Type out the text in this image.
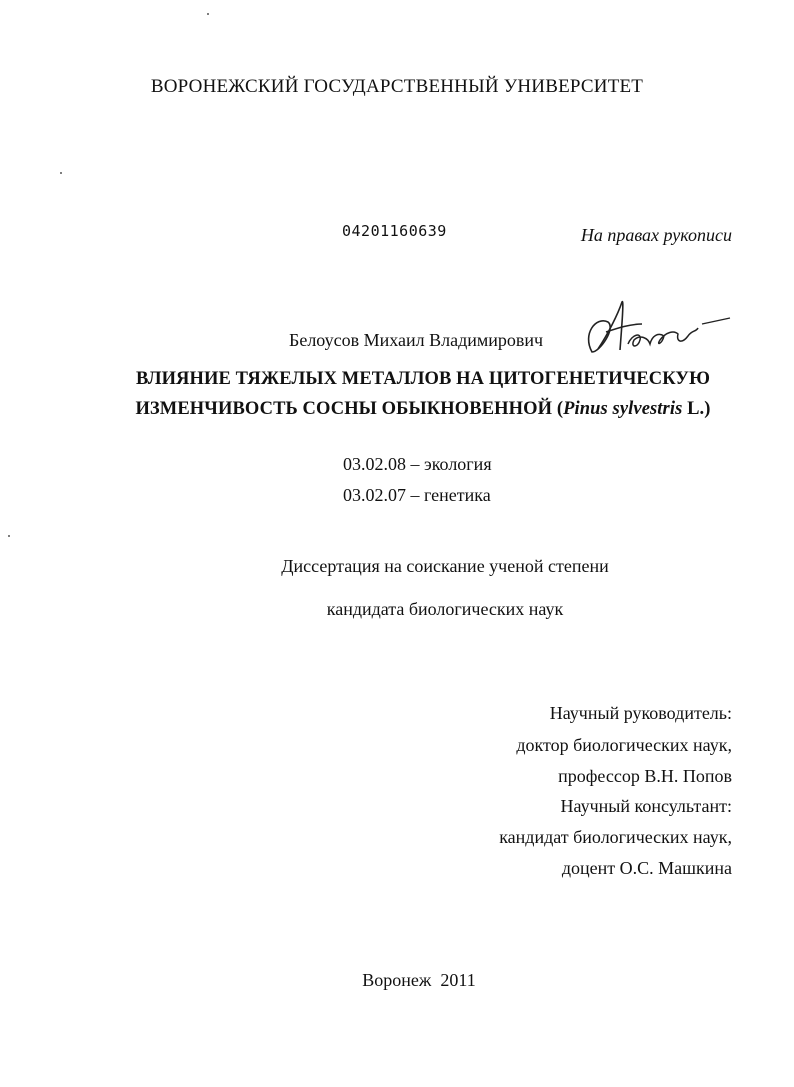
ВОРОНЕЖСКИЙ ГОСУДАРСТВЕННЫЙ УНИВЕРСИТЕТ
04201160639	На правах рукописи
Белоусов Михаил Владимирович
ВЛИЯНИЕ ТЯЖЕЛЫХ МЕТАЛЛОВ НА ЦИТОГЕНЕТИЧЕСКУЮ
ИЗМЕНЧИВОСТЬ СОСНЫ ОБЫКНОВЕННОЙ (Pinus sylvestris L.)
03.02.08 – экология
03.02.07 – генетика
Диссертация на соискание ученой степени
кандидата биологических наук
Научный руководитель:
доктор биологических наук,
профессор В.Н. Попов
Научный консультант:
кандидат биологических наук,
доцент О.С. Машкина
Воронеж  2011
